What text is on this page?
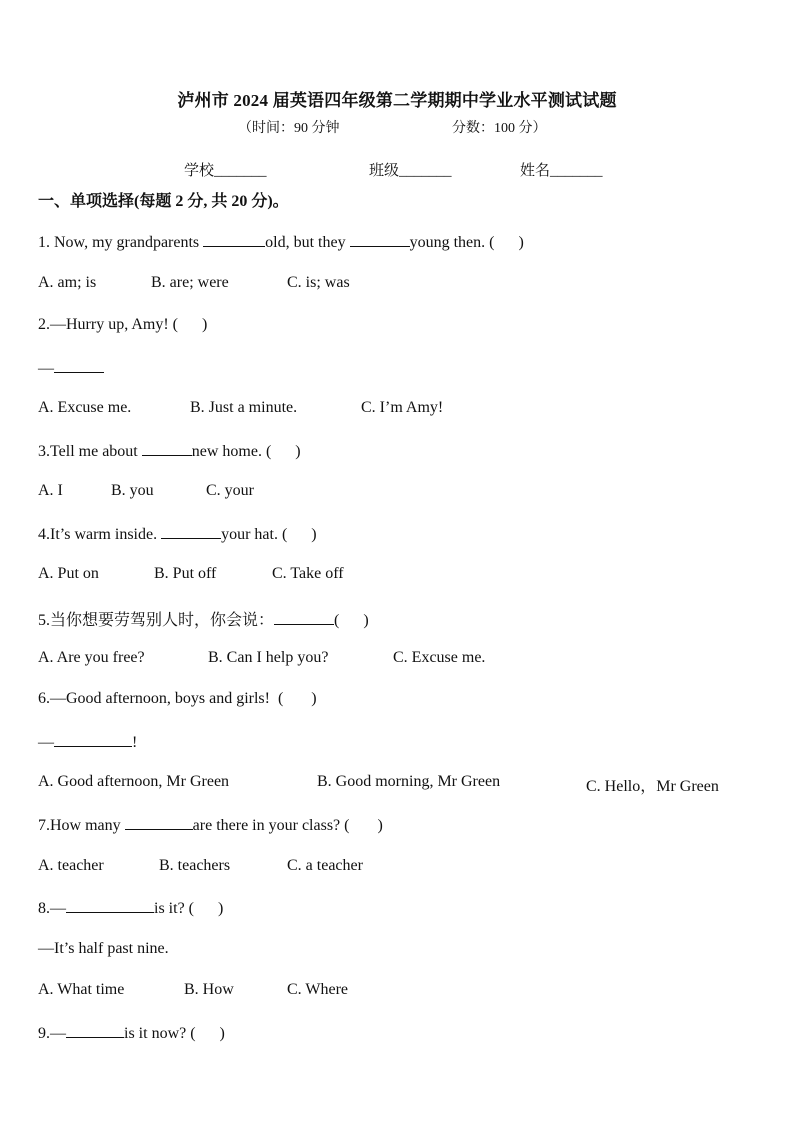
泸州市 2024 届英语四年级第二学期期中学业水平测试试题
（时间：90 分钟	分数：100 分）
学校_______	班级_______	姓名_______
一、单项选择(每题 2 分, 共 20 分)。
1. Now, my grandparents	old, but they	young then. (      )
A. am; is	B. are; were	C. is; was
2.—Hurry up, Amy! (      )
—
A. Excuse me.	B. Just a minute.	C. I’m Amy!
3.Tell me about	new home. (      )
A. I	B. you	C. your
4.It’s warm inside.	your hat. (      )
A. Put on	B. Put off	C. Take off
5.当你想要劳驾别人时，你会说：	(      )
A. Are you free?	B. Can I help you?	C. Excuse me.
6.—Good afternoon, boys and girls!  (       )
—	!
A. Good afternoon, Mr Green	B. Good morning, Mr Green	C. Hello，Mr Green
7.How many	are there in your class? (       )
A. teacher	B. teachers	C. a teacher
8.—	is it? (      )
—It’s half past nine.
A. What time	B. How	C. Where
9.—	is it now? (      )
